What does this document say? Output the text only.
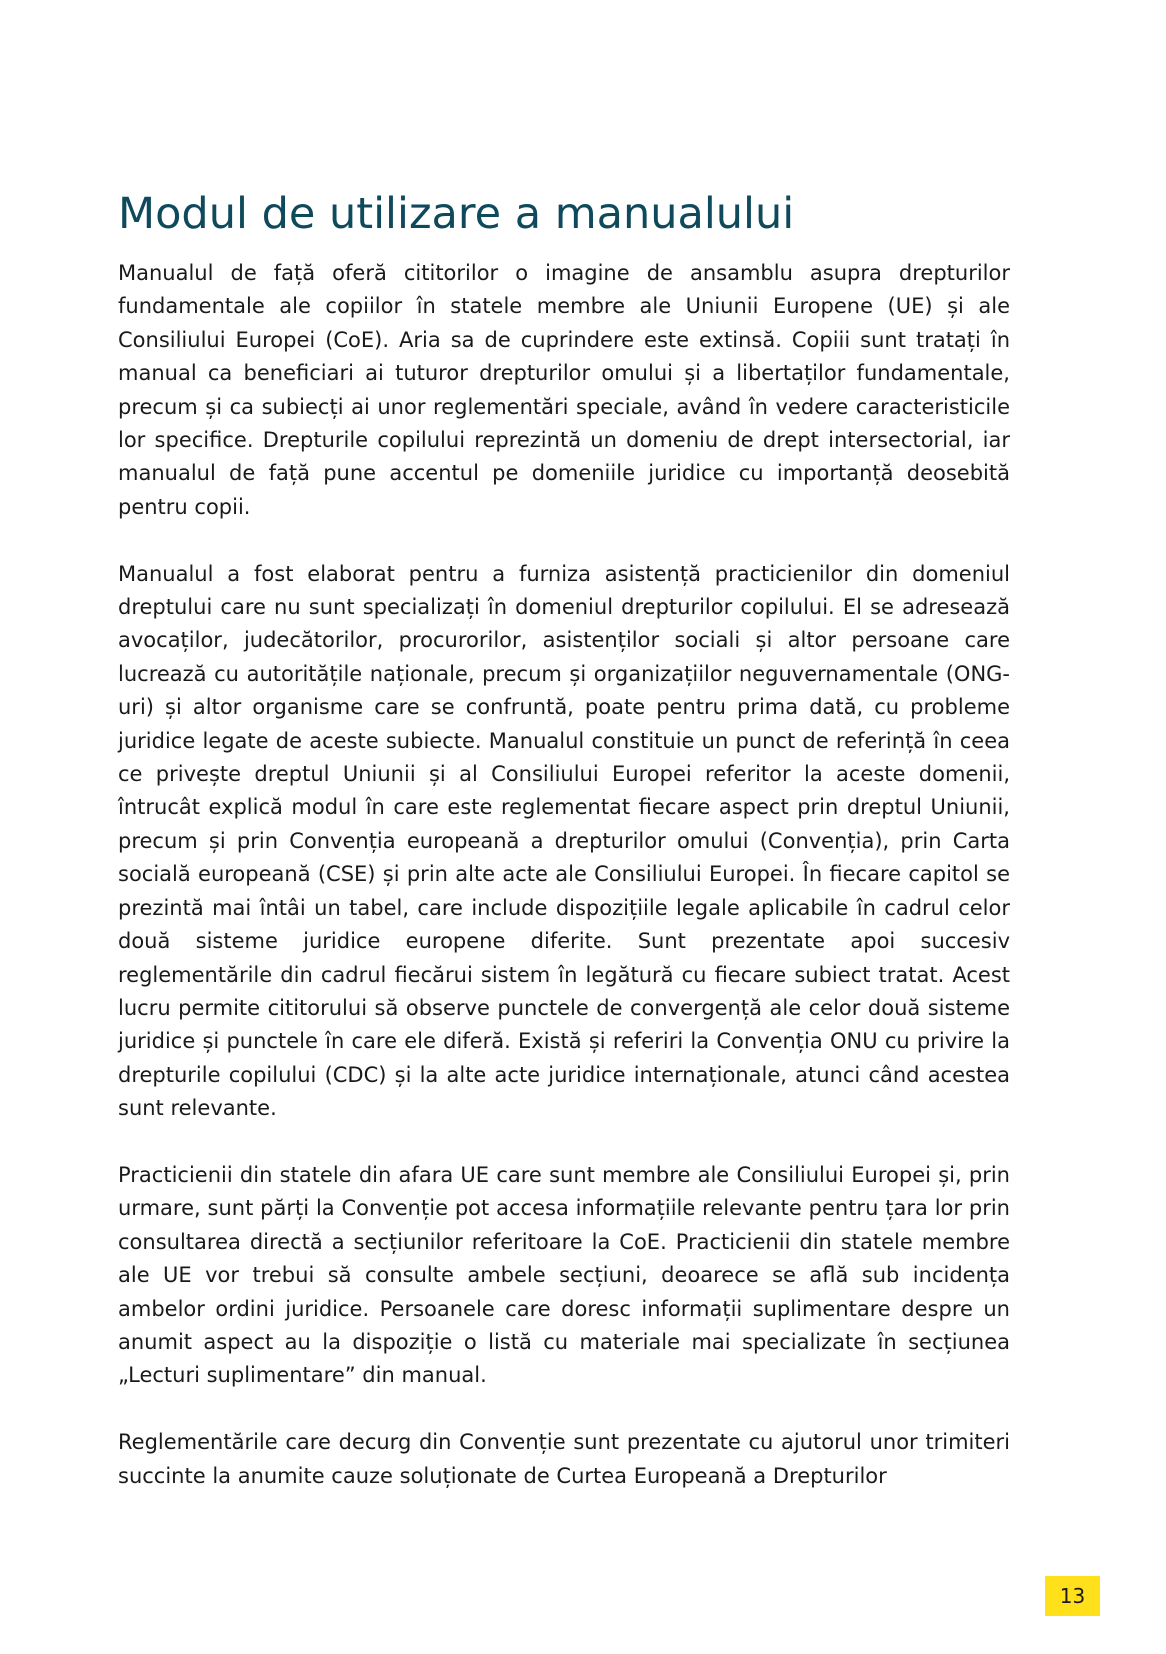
Modul de utilizare a manualului

Manualul de față oferă cititorilor o imagine de ansamblu asupra drepturilor fundamentale ale copiilor în statele membre ale Uniunii Europene (UE) și ale Consiliului Europei (CoE). Aria sa de cuprindere este extinsă. Copiii sunt tratați în manual ca beneficiari ai tuturor drepturilor omului și a libertaților fundamentale, precum și ca subiecți ai unor reglementări speciale, având în vedere caracteristicile lor specifice. Drepturile copilului reprezintă un domeniu de drept intersectorial, iar manualul de față pune accentul pe domeniile juridice cu importanță deosebită pentru copii.

Manualul a fost elaborat pentru a furniza asistență practicienilor din domeniul dreptului care nu sunt specializați în domeniul drepturilor copilului. El se adresează avocaților, judecătorilor, procurorilor, asistenților sociali și altor persoane care lucrează cu autoritățile naționale, precum și organizațiilor neguvernamentale (ONG-uri) și altor organisme care se confruntă, poate pentru prima dată, cu probleme juridice legate de aceste subiecte. Manualul constituie un punct de referință în ceea ce privește dreptul Uniunii și al Consiliului Europei referitor la aceste domenii, întrucât explică modul în care este reglementat fiecare aspect prin dreptul Uniunii, precum și prin Convenția europeană a drepturilor omului (Convenția), prin Carta socială europeană (CSE) și prin alte acte ale Consiliului Europei. În fiecare capitol se prezintă mai întâi un tabel, care include dispozițiile legale aplicabile în cadrul celor două sisteme juridice europene diferite. Sunt prezentate apoi succesiv reglementările din cadrul fiecărui sistem în legătură cu fiecare subiect tratat. Acest lucru permite cititorului să observe punctele de convergență ale celor două sisteme juridice și punctele în care ele diferă. Există și referiri la Convenția ONU cu privire la drepturile copilului (CDC) și la alte acte juridice internaționale, atunci când acestea sunt relevante.

Practicienii din statele din afara UE care sunt membre ale Consiliului Europei și, prin urmare, sunt părți la Convenție pot accesa informațiile relevante pentru țara lor prin consultarea directă a secțiunilor referitoare la CoE. Practicienii din statele membre ale UE vor trebui să consulte ambele secțiuni, deoarece se află sub incidența ambelor ordini juridice. Persoanele care doresc informații suplimentare despre un anumit aspect au la dispoziție o listă cu materiale mai specializate în secțiunea „Lecturi suplimentare” din manual.

Reglementările care decurg din Convenție sunt prezentate cu ajutorul unor trimiteri succinte la anumite cauze soluționate de Curtea Europeană a Drepturilor

13
